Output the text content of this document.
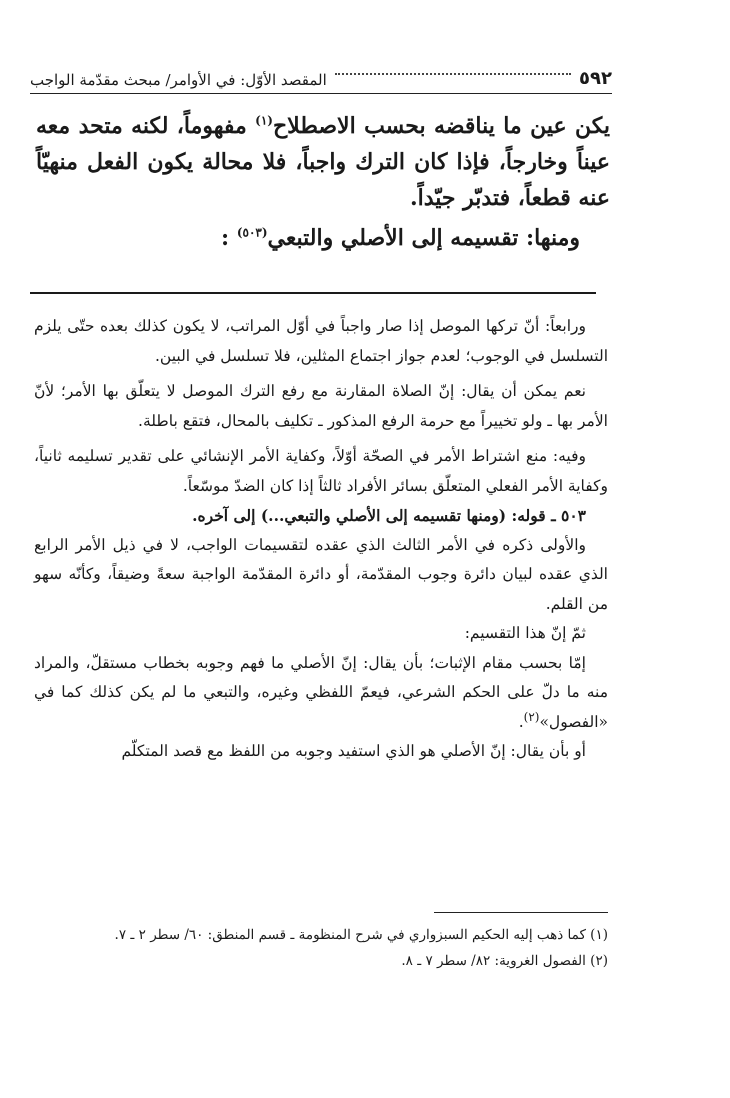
٥٩٢
المقصد الأوّل: في الأوامر/ مبحث مقدّمة الواجب

يكن عين ما يناقضه بحسب الاصطلاح$^{(١)}$ مفهوماً، لكنه متحد معه عيناً وخارجاً، فإذا كان الترك واجباً، فلا محالة يكون الفعل منهيّاً عنه قطعاً، فتدبّر جيّداً.

ومنها: تقسيمه إلى الأصلي والتبعي$^{(٥٠٣)}$ :

ورابعاً: أنّ تركها الموصل إذا صار واجباً في أوّل المراتب، لا يكون كذلك بعده حتّى يلزم التسلسل في الوجوب؛ لعدم جواز اجتماع المثلين، فلا تسلسل في البين.

نعم يمكن أن يقال: إنّ الصلاة المقارنة مع رفع الترك الموصل لا يتعلّق بها الأمر؛ لأنّ الأمر بها ـ ولو تخييراً مع حرمة الرفع المذكور ـ تكليف بالمحال، فتقع باطلة.

وفيه: منع اشتراط الأمر في الصحّة أوّلاً، وكفاية الأمر الإنشائي على تقدير تسليمه ثانياً، وكفاية الأمر الفعلي المتعلّق بسائر الأفراد ثالثاً إذا كان الضدّ موسّعاً.

٥٠٣ ـ قوله: (ومنها تقسيمه إلى الأصلي والتبعي...) إلى آخره.

والأولى ذكره في الأمر الثالث الذي عقده لتقسيمات الواجب، لا في ذيل الأمر الرابع الذي عقده لبيان دائرة وجوب المقدّمة، أو دائرة المقدّمة الواجبة سعةً وضيقاً، وكأنّه سهو من القلم.

ثمّ إنّ هذا التقسيم:

إمّا بحسب مقام الإثبات؛ بأن يقال: إنّ الأصلي ما فهم وجوبه بخطاب مستقلّ، والمراد منه ما دلّ على الحكم الشرعي، فيعمّ اللفظي وغيره، والتبعي ما لم يكن كذلك كما في «الفصول»$^{(٢)}$.

أو بأن يقال: إنّ الأصلي هو الذي استفيد وجوبه من اللفظ مع قصد المتكلّم

(١) كما ذهب إليه الحكيم السبزواري في شرح المنظومة ـ قسم المنطق: ٦٠/ سطر ٢ ـ ٧.

(٢) الفصول الغروية: ٨٢/ سطر ٧ ـ ٨.
